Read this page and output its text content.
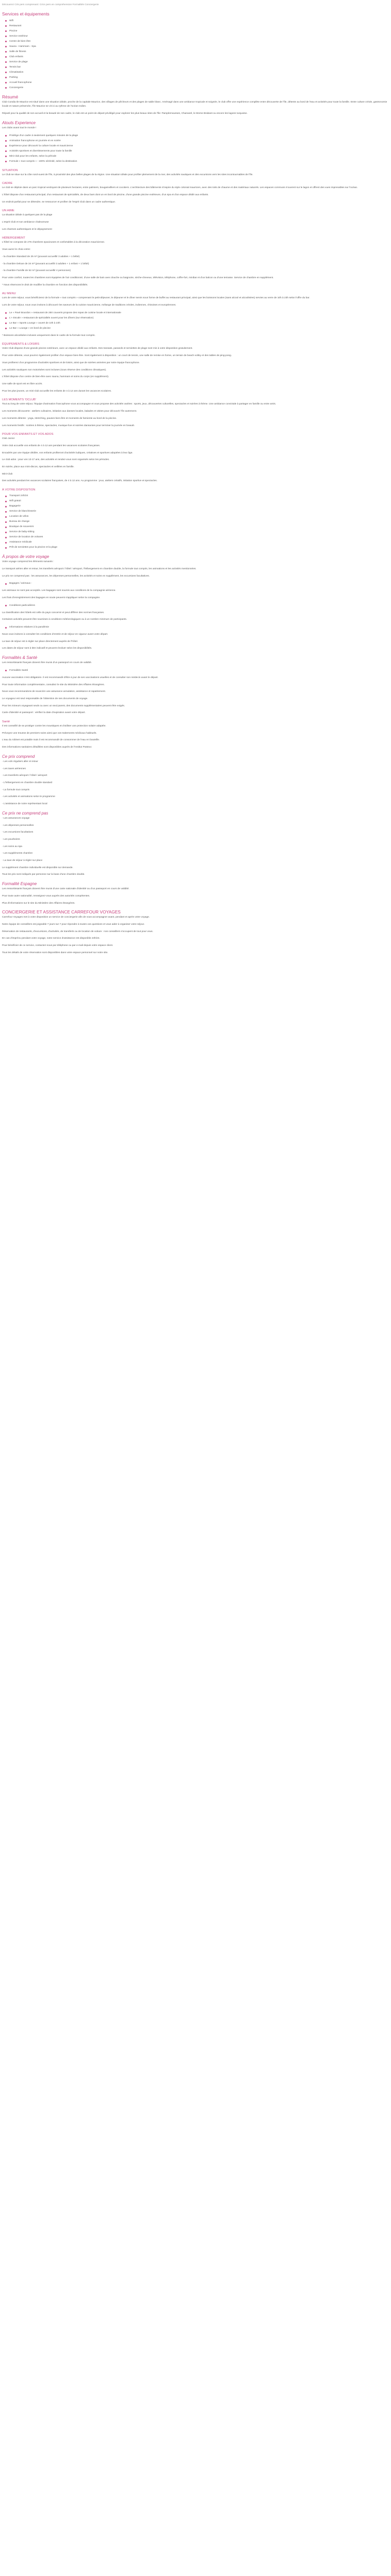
Découvrez Cris pers comprenant: Crics pers en comprehension Formalités Conciergerie

Services et équipements
Wifi
Restaurant
Piscine
Service extérieur
Centre de bien-être
Sauna - Hammam - Spa
Salle de fitness
Club enfants
Service de plage
Tennis bar
Climatisation
Parking
Accueil francophone
Conciergerie
Résumé

Club Coralia Ile Maurice est situé dans une situation idéale, proche de la capitale Maurice, des villages de pêcheurs et des plages de sable blanc. Aménagé dans une ambiance tropicale et soignée, le club offre une expérience complète entre découverte de l'île, détente au bord de l'eau et activités pour toute la famille. Entre culture créole, gastronomie locale et nature préservée, l'île Maurice se vit ici au rythme de l'océan Indien.

Réputé pour la qualité de son accueil et la beauté de son cadre, le club est un point de départ privilégié pour explorer les plus beaux sites de l'île: Pamplemousses, Chamarel, le Morne Brabant ou encore les lagons turquoise.

Atouts Experience

Les clubs avant tout le monde !

Privilège d'un cadre à seulement quelques minutes de la plage
Animation francophone en journée et en soirée
Expérience pour découvrir la culture locale et mauricienne
Activités sportives et divertissements pour toute la famille
Mini-club pour les enfants, selon la période
Formule « tout compris » : 100% sérénité, selon la destination
SITUATION

Le Club se situe sur la côte nord-ouest de l'île, à proximité des plus belles plages de la région. Une situation idéale pour profiter pleinement de la mer, des activités nautiques et des excursions vers les sites incontournables de l'île.

CADRE

Le club se déploie dans un parc tropical verdoyant de plusieurs hectares, entre palmiers, bougainvilliers et cocotiers. L'architecture des bâtiments s'inspire du style colonial mauricien, avec des toits de chaume et des matériaux naturels. Les espaces communs s'ouvrent sur le lagon et offrent des vues imprenables sur l'océan.

L'hôtel dispose d'un restaurant principal, d'un restaurant de spécialités, de deux bars dont un en bord de piscine, d'une grande piscine extérieure, d'un spa et d'un espace dédié aux enfants.

Un endroit parfait pour se détendre, se ressourcer et profiter de l'esprit Club dans un cadre authentique.

UN AIME

La situation idéale à quelques pas de la plage

L'esprit Club et son ambiance chaleureuse

Les charmes authentiques et le dépaysement

HÉBERGEMENT

L'hôtel se compose de 276 chambres spacieuses et confortables à la décoration mauricienne.

Vous aurez le choix entre:

- la chambre Standard de 25 m² (pouvant accueillir 3 adultes + 1 bébé)

- la chambre Deluxe de 34 m² (pouvant accueillir 3 adultes + 1 enfant + 1 bébé)

- la chambre Famille de 52 m² (pouvant accueillir 4 personnes)

Pour votre confort, toutes les chambres sont équipées de l'air conditionné, d'une salle de bain avec douche ou baignoire, sèche-cheveux, télévision, téléphone, coffre-fort, minibar et d'un balcon ou d'une terrasse. Service de chambre en supplément.

* Nous réservons le droit de modifier la chambre en fonction des disponibilités.

AU MENU

Lors de votre séjour, vous bénéficierez de la formule « tout compris » comprenant le petit-déjeuner, le déjeuner et le dîner servis sous forme de buffet au restaurant principal, ainsi que les boissons locales (sans alcool et alcoolisées) servies au verre de 10h à 23h selon l'offre du bar.

Lors de votre séjour, nous vous invitons à découvrir les saveurs de la cuisine mauricienne, mélange de traditions créoles, indiennes, chinoises et européennes.

Le « Pavé Bourdon » restaurant de 250 couverts propose des repas de cuisine locale et internationale
L'« Escale » restaurant de spécialités ouvert pour les dîners (sur réservation)
Le Bar « Sports Lounge » ouvert de 10h à 23h
Le Bar « Lounge » en bord de piscine

* Boissons alcoolisées incluses uniquement dans le cadre de la formule tout compris.

ÉQUIPEMENTS & LOISIRS

Votre Club dispose d'une grande piscine extérieure, avec un espace dédié aux enfants. Des transats, parasols et serviettes de plage sont mis à votre disposition gratuitement.

Pour votre détente, vous pourrez également profiter d'un espace bien-être. Sont également à disposition : un court de tennis, une salle de remise en forme, un terrain de beach-volley et des tables de ping-pong.

Vous profiterez d'un programme d'activités sportives et de loisirs, ainsi que de soirées animées par notre équipe francophone.

Les activités nautiques non motorisées sont incluses (sous réserve des conditions climatiques).

L'hôtel dispose d'un centre de bien-être avec sauna, hammam et soins du corps (en supplément).

Une salle de sport est en libre accès.

Pour les plus jeunes, un mini-club accueille les enfants de 4 à 12 ans durant les vacances scolaires.

LES MOMENTS 'OCLUB'

Tout au long de votre séjour, l'équipe d'animation francophone vous accompagne et vous propose des activités variées : sports, jeux, découvertes culturelles, spectacles et soirées à thème. Une ambiance conviviale à partager en famille ou entre amis.

Les moments découverte : ateliers culinaires, initiation aux danses locales, balades et visites pour découvrir l'île autrement.

Les moments détente : yoga, stretching, pauses bien-être et moments de farniente au bord de la piscine.

Les moments festifs : soirées à thème, spectacles, musique live et soirées dansantes pour terminer la journée en beauté.

POUR VOS ENFANTS ET VOS ADOS

Club Junior

Votre club accueille vos enfants de 4 à 12 ans pendant les vacances scolaires françaises.

Encadrés par une équipe dédiée, vos enfants profiteront d'activités ludiques, créatives et sportives adaptées à leur âge.

Le club ados : pour vos 13-17 ans, des activités et rendez-vous sont organisés selon les périodes.

En soirée, place aux mini-discos, spectacles et veillées en famille.

Mini-Club

Des activités pendant les vacances scolaires françaises, de 4 à 12 ans. Au programme : jeux, ateliers créatifs, initiation sportive et spectacles.

À VOTRE DISPOSITION
Transport 24h/24
Wifi gratuit
Bagagerie
Service de blanchisserie
Location de vélos
Bureau de change
Boutique de souvenirs
Service de baby-sitting
Service de location de voitures
Assistance médicale
Prêt de serviettes pour la piscine et la plage
À propos de votre voyage

Votre voyage comprend les éléments suivants :

Le transport aérien aller et retour, les transferts aéroport / hôtel / aéroport, l'hébergement en chambre double, la formule tout compris, les animations et les activités mentionnées.

Le prix ne comprend pas : les assurances, les dépenses personnelles, les activités et soins en supplément, les excursions facultatives.

Bagages / animaux :

Les animaux ne sont pas acceptés. Les bagages sont soumis aux conditions de la compagnie aérienne.

Les frais d'enregistrement des bagages en soute peuvent s'appliquer selon la compagnie.

Conditions particulières

La classification des hôtels est celle du pays concerné et peut différer des normes françaises.

Certaines activités peuvent être soumises à conditions météorologiques ou à un nombre minimum de participants.

Informations relatives à la pandémie

Nous vous invitons à consulter les conditions d'entrée et de séjour en vigueur avant votre départ.

La taxe de séjour est à régler sur place directement auprès de l'hôtel.

Les dates de séjour sont à titre indicatif et peuvent évoluer selon les disponibilités.

Formalités & Santé

Les ressortissants français doivent être munis d'un passeport en cours de validité.

Formalités Santé

Aucune vaccination n'est obligatoire. Il est recommandé d'être à jour de ses vaccinations usuelles et de consulter son médecin avant le départ.

Pour toute information complémentaire, consultez le site du Ministère des Affaires étrangères.

Nous vous recommandons de souscrire une assurance annulation, assistance et rapatriement.

Le voyageur est seul responsable de l'obtention de ses documents de voyage.

Pour les mineurs voyageant seuls ou avec un seul parent, des documents supplémentaires peuvent être exigés.

Carte d'identité et passeport : vérifiez la date d'expiration avant votre départ.

Santé

Il est conseillé de se protéger contre les moustiques et d'utiliser une protection solaire adaptée.

Prévoyez une trousse de premiers soins ainsi que vos traitements médicaux habituels.

L'eau du robinet est potable mais il est recommandé de consommer de l'eau en bouteille.

Des informations sanitaires détaillées sont disponibles auprès de l'Institut Pasteur.

Ce prix comprend

- Les vols réguliers aller et retour

- Les taxes aériennes

- Les transferts aéroport / hôtel / aéroport

- L'hébergement en chambre double standard

- La formule tout compris

- Les activités et animations selon le programme

- L'assistance de notre représentant local

Ce prix ne comprend pas

- Les assurances voyage

- Les dépenses personnelles

- Les excursions facultatives

- Les pourboires

- Les soins au spa

- Les suppléments chambre

- La taxe de séjour à régler sur place

Le supplément chambre individuelle est disponible sur demande.

Tous les prix sont indiqués par personne sur la base d'une chambre double.

Formalité Espagne

Les ressortissants français doivent être munis d'une carte nationale d'identité ou d'un passeport en cours de validité.

Pour toute autre nationalité, renseignez-vous auprès des autorités compétentes.

Plus d'informations sur le site du Ministère des Affaires étrangères.

CONCIERGERIE ET ASSISTANCE CARREFOUR VOYAGES

Carrefour Voyages met à votre disposition un service de conciergerie afin de vous accompagner avant, pendant et après votre voyage.

Notre équipe de conseillers est joignable 7 jours sur 7 pour répondre à toutes vos questions et vous aider à organiser votre séjour.

Réservation de restaurants, d'excursions, d'activités, de transferts ou de location de voiture : nos conseillers s'occupent de tout pour vous.

En cas d'imprévu pendant votre voyage, notre service d'assistance est disponible 24h/24.

Pour bénéficier de ce service, contactez-nous par téléphone ou par e-mail depuis votre espace client.

Tous les détails de votre réservation sont disponibles dans votre espace personnel sur notre site.
